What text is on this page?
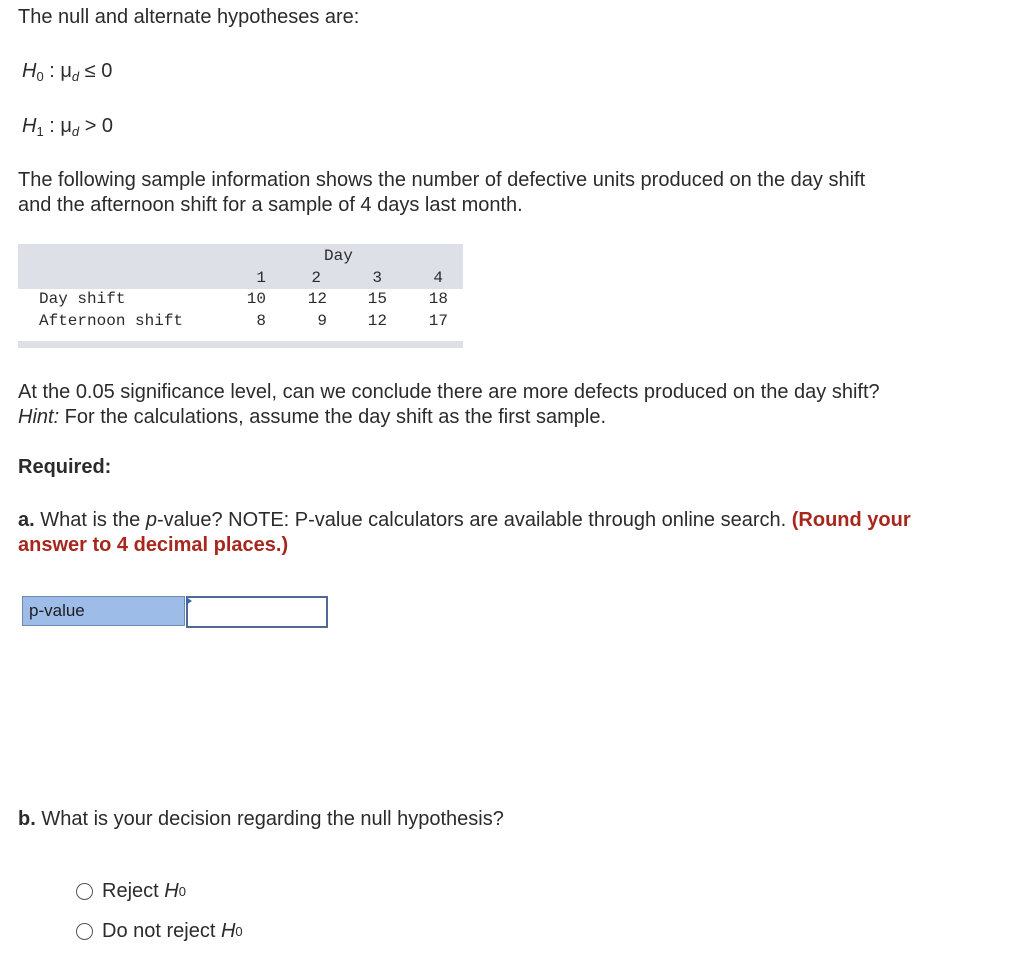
The null and alternate hypotheses are:
$H_0$ : $\mu_d \le 0$
$H_1$ : $\mu_d > 0$
The following sample information shows the number of defective units produced on the day shift
and the afternoon shift for a sample of 4 days last month.
Day
1	2	3	4
Day shift	10	12	15	18
Afternoon shift	8	9	12	17
At the 0.05 significance level, can we conclude there are more defects produced on the day shift?
Hint: For the calculations, assume the day shift as the first sample.
Required:
a. What is the p-value? NOTE: P-value calculators are available through online search. (Round your
answer to 4 decimal places.)
p-value
b. What is your decision regarding the null hypothesis?
Reject
H 0
Do not reject
H 0
